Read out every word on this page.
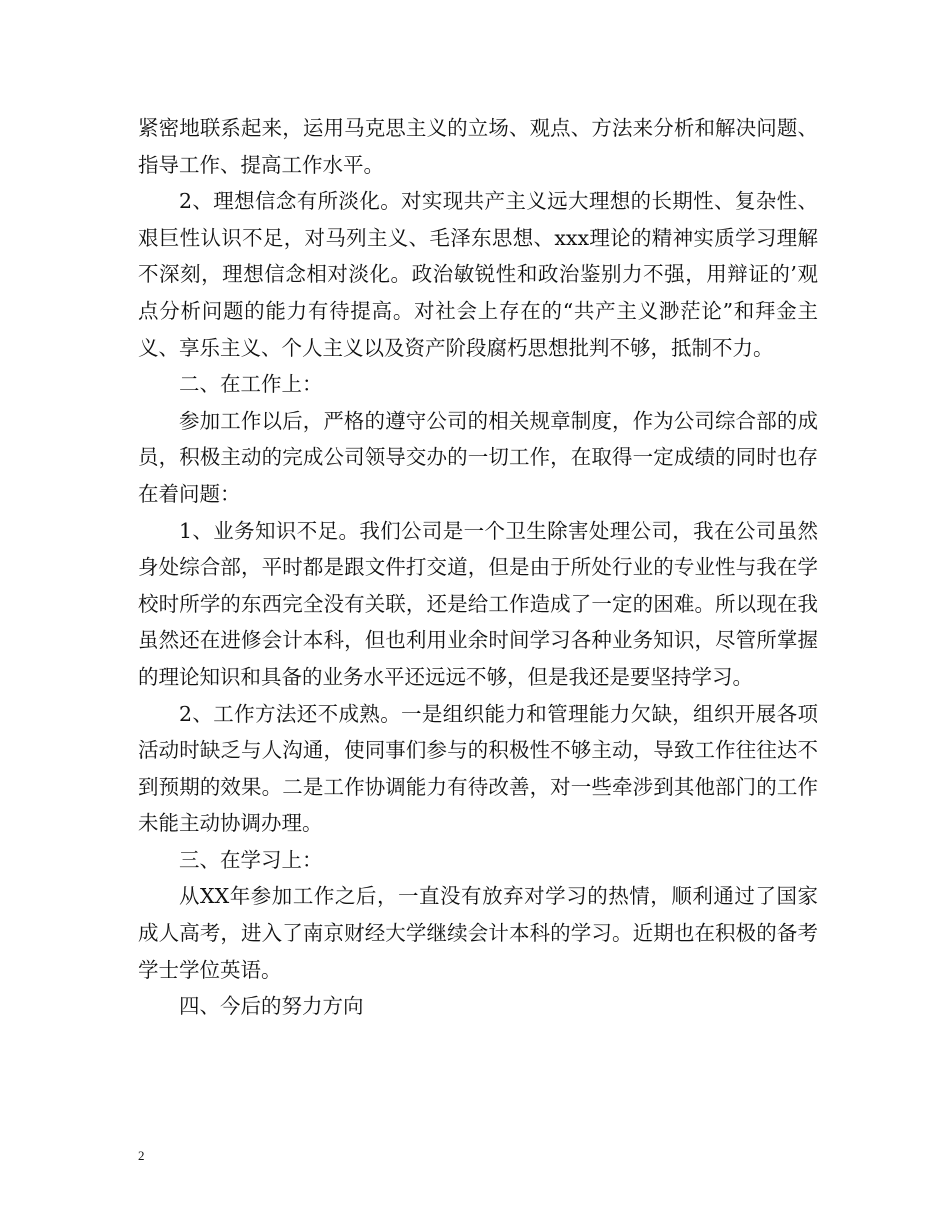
紧密地联系起来，运用马克思主义的立场、观点、方法来分析和解决问题、指导工作、提高工作水平。

2、理想信念有所淡化。对实现共产主义远大理想的长期性、复杂性、艰巨性认识不足，对马列主义、毛泽东思想、xxx理论的精神实质学习理解不深刻，理想信念相对淡化。政治敏锐性和政治鉴别力不强，用辩证的’观点分析问题的能力有待提高。对社会上存在的“共产主义渺茫论”和拜金主义、享乐主义、个人主义以及资产阶段腐朽思想批判不够，抵制不力。

二、在工作上：

参加工作以后，严格的遵守公司的相关规章制度，作为公司综合部的成员，积极主动的完成公司领导交办的一切工作，在取得一定成绩的同时也存在着问题：

1、业务知识不足。我们公司是一个卫生除害处理公司，我在公司虽然身处综合部，平时都是跟文件打交道，但是由于所处行业的专业性与我在学校时所学的东西完全没有关联，还是给工作造成了一定的困难。所以现在我虽然还在进修会计本科，但也利用业余时间学习各种业务知识，尽管所掌握的理论知识和具备的业务水平还远远不够，但是我还是要坚持学习。

2、工作方法还不成熟。一是组织能力和管理能力欠缺，组织开展各项活动时缺乏与人沟通，使同事们参与的积极性不够主动，导致工作往往达不到预期的效果。二是工作协调能力有待改善，对一些牵涉到其他部门的工作未能主动协调办理。

三、在学习上：

从XX年参加工作之后，一直没有放弃对学习的热情，顺利通过了国家成人高考，进入了南京财经大学继续会计本科的学习。近期也在积极的备考学士学位英语。

四、今后的努力方向

2
